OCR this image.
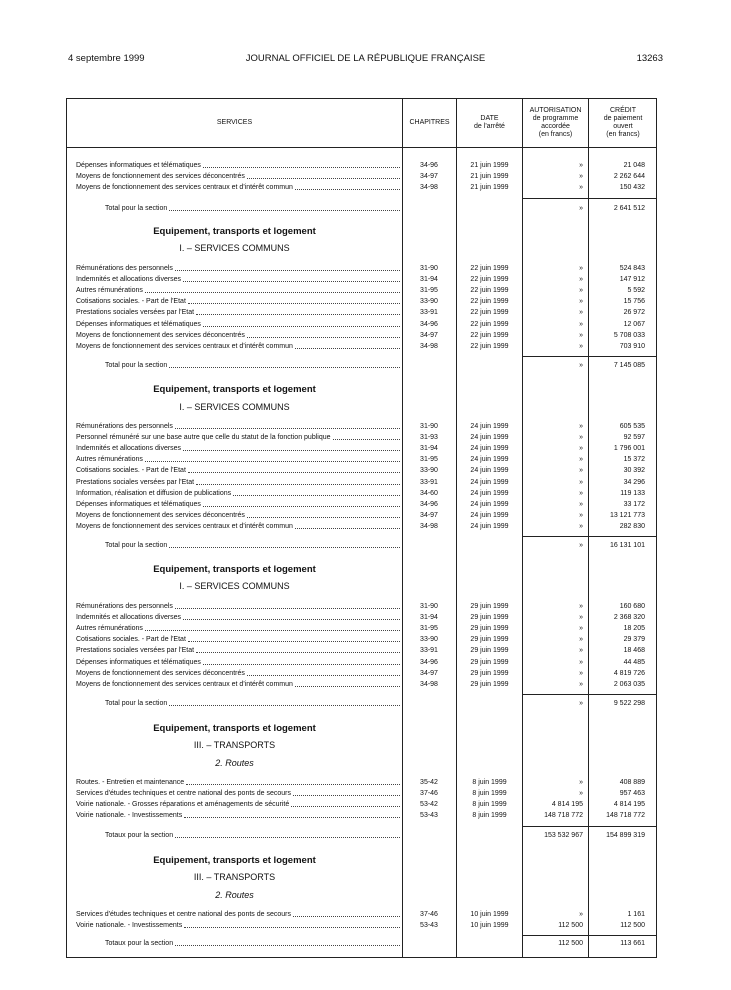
4 septembre 1999	JOURNAL OFFICIEL DE LA RÉPUBLIQUE FRANÇAISE	13263
SERVICES	CHAPITRES
DATE
de l'arrêté
AUTORISATION
de programme
accordée
(en francs)
CRÉDIT
de paiement
ouvert
(en francs)
Dépenses informatiques et télématiques	34-96	21 juin 1999	»	21 048
Moyens de fonctionnement des services déconcentrés	34-97	21 juin 1999	»	2 262 644
Moyens de fonctionnement des services centraux et d'intérêt commun	34-98	21 juin 1999	»	150 432
Total pour la section	»	2 641 512
Equipement, transports et logement
I. – SERVICES COMMUNS
Rémunérations des personnels	31-90	22 juin 1999	»	524 843
Indemnités et allocations diverses	31-94	22 juin 1999	»	147 912
Autres rémunérations	31-95	22 juin 1999	»	5 592
Cotisations sociales. - Part de l'Etat	33-90	22 juin 1999	»	15 756
Prestations sociales versées par l'Etat	33-91	22 juin 1999	»	26 972
Dépenses informatiques et télématiques	34-96	22 juin 1999	»	12 067
Moyens de fonctionnement des services déconcentrés	34-97	22 juin 1999	»	5 708 033
Moyens de fonctionnement des services centraux et d'intérêt commun	34-98	22 juin 1999	»	703 910
Total pour la section	»	7 145 085
Equipement, transports et logement
I. – SERVICES COMMUNS
Rémunérations des personnels	31-90	24 juin 1999	»	605 535
Personnel rémunéré sur une base autre que celle du statut de la fonction publique	31-93	24 juin 1999	»	92 597
Indemnités et allocations diverses	31-94	24 juin 1999	»	1 796 001
Autres rémunérations	31-95	24 juin 1999	»	15 372
Cotisations sociales. - Part de l'Etat	33-90	24 juin 1999	»	30 392
Prestations sociales versées par l'Etat	33-91	24 juin 1999	»	34 296
Information, réalisation et diffusion de publications	34-60	24 juin 1999	»	119 133
Dépenses informatiques et télématiques	34-96	24 juin 1999	»	33 172
Moyens de fonctionnement des services déconcentrés	34-97	24 juin 1999	»	13 121 773
Moyens de fonctionnement des services centraux et d'intérêt commun	34-98	24 juin 1999	»	282 830
Total pour la section	»	16 131 101
Equipement, transports et logement
I. – SERVICES COMMUNS
Rémunérations des personnels	31-90	29 juin 1999	»	160 680
Indemnités et allocations diverses	31-94	29 juin 1999	»	2 368 320
Autres rémunérations	31-95	29 juin 1999	»	18 205
Cotisations sociales. - Part de l'Etat	33-90	29 juin 1999	»	29 379
Prestations sociales versées par l'Etat	33-91	29 juin 1999	»	18 468
Dépenses informatiques et télématiques	34-96	29 juin 1999	»	44 485
Moyens de fonctionnement des services déconcentrés	34-97	29 juin 1999	»	4 819 726
Moyens de fonctionnement des services centraux et d'intérêt commun	34-98	29 juin 1999	»	2 063 035
Total pour la section	»	9 522 298
Equipement, transports et logement
III. – TRANSPORTS
2. Routes
Routes. - Entretien et maintenance	35-42	8 juin 1999	»	408 889
Services d'études techniques et centre national des ponts de secours	37-46	8 juin 1999	»	957 463
Voirie nationale. - Grosses réparations et aménagements de sécurité	53-42	8 juin 1999	4 814 195	4 814 195
Voirie nationale. - Investissements	53-43	8 juin 1999	148 718 772	148 718 772
Totaux pour la section	153 532 967	154 899 319
Equipement, transports et logement
III. – TRANSPORTS
2. Routes
Services d'études techniques et centre national des ponts de secours	37-46	10 juin 1999	»	1 161
Voirie nationale. - Investissements	53-43	10 juin 1999	112 500	112 500
Totaux pour la section	112 500	113 661
